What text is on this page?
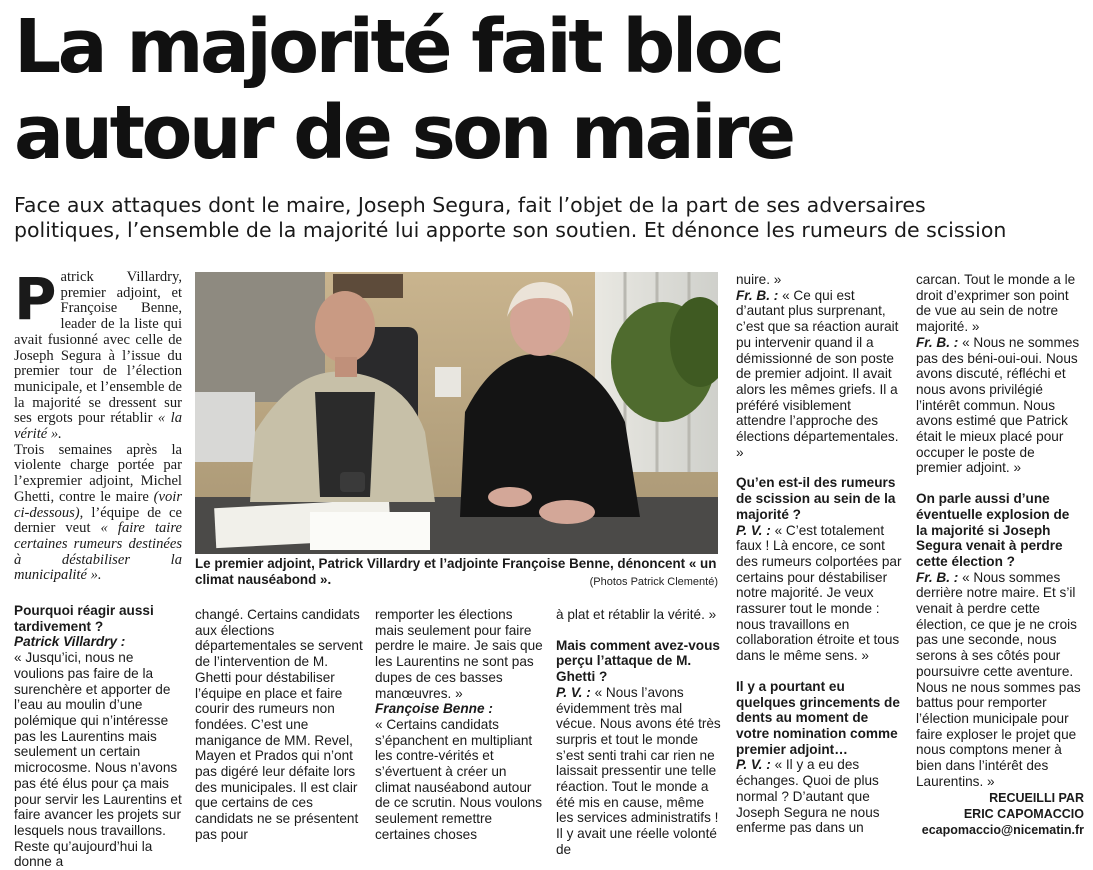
La majorité fait bloc
autour de son maire

Face aux attaques dont le maire, Joseph Segura, fait l’objet de la part de ses adversaires
politiques, l’ensemble de la majorité lui apporte son soutien. Et dénonce les rumeurs de scission

Patrick Villardry, premier adjoint, et Françoise Benne, leader de la liste qui avait fusionné avec celle de Joseph Segura à l’issue du premier tour de l’élection municipale, et l’ensemble de la majorité se dressent sur ses ergots pour rétablir « la vérité ».

Trois semaines après la violente charge portée par l’expremier adjoint, Michel Ghetti, contre le maire (voir ci-dessous), l’équipe de ce dernier veut « faire taire certaines rumeurs destinées à déstabiliser la municipalité ».

Pourquoi réagir aussi tardivement ?

Patrick Villardry :

« Jusqu’ici, nous ne voulions pas faire de la surenchère et apporter de l’eau au moulin d’une polémique qui n’intéresse pas les Laurentins mais seulement un certain microcosme. Nous n’avons pas été élus pour ça mais pour servir les Laurentins et faire avancer les projets sur lesquels nous travaillons. Reste qu’aujourd’hui la donne a

Le premier adjoint, Patrick Villardry et l’adjointe Françoise Benne, dénoncent « un climat nauséabond ».	(Photos Patrick Clementé)

changé. Certains candidats aux élections départementales se servent de l’intervention de M. Ghetti pour déstabiliser l’équipe en place et faire courir des rumeurs non fondées. C’est une manigance de MM. Revel, Mayen et Prados qui n’ont pas digéré leur défaite lors des municipales. Il est clair que certains de ces candidats ne se présentent pas pour

remporter les élections mais seulement pour faire perdre le maire. Je sais que les Laurentins ne sont pas dupes de ces basses manœuvres. »

Françoise Benne :

« Certains candidats s’épanchent en multipliant les contre-vérités et s’évertuent à créer un climat nauséabond autour de ce scrutin. Nous voulons seulement remettre certaines choses

à plat et rétablir la vérité. »

Mais comment avez-vous perçu l’attaque de M. Ghetti ?

P. V. : « Nous l’avons évidemment très mal vécue. Nous avons été très surpris et tout le monde s’est senti trahi car rien ne laissait pressentir une telle réaction. Tout le monde a été mis en cause, même les services administratifs ! Il y avait une réelle volonté de

nuire. »

Fr. B. : « Ce qui est d’autant plus surprenant, c’est que sa réaction aurait pu intervenir quand il a démissionné de son poste de premier adjoint. Il avait alors les mêmes griefs. Il a préféré visiblement attendre l’approche des élections départementales. »

Qu’en est-il des rumeurs de scission au sein de la majorité ?

P. V. : « C’est totalement faux ! Là encore, ce sont des rumeurs colportées par certains pour déstabiliser notre majorité. Je veux rassurer tout le monde : nous travaillons en collaboration étroite et tous dans le même sens. »

Il y a pourtant eu quelques grincements de dents au moment de votre nomination comme premier adjoint…

P. V. : « Il y a eu des échanges. Quoi de plus normal ? D’autant que Joseph Segura ne nous enferme pas dans un

carcan. Tout le monde a le droit d’exprimer son point de vue au sein de notre majorité. »

Fr. B. : « Nous ne sommes pas des béni-oui-oui. Nous avons discuté, réfléchi et nous avons privilégié l’intérêt commun. Nous avons estimé que Patrick était le mieux placé pour occuper le poste de premier adjoint. »

On parle aussi d’une éventuelle explosion de la majorité si Joseph Segura venait à perdre cette élection ?

Fr. B. : « Nous sommes derrière notre maire. Et s’il venait à perdre cette élection, ce que je ne crois pas une seconde, nous serons à ses côtés pour poursuivre cette aventure. Nous ne nous sommes pas battus pour remporter l’élection municipale pour faire exploser le projet que nous comptons mener à bien dans l’intérêt des Laurentins. »

RECUEILLI PAR
ERIC CAPOMACCIO
ecapomaccio@nicematin.fr
